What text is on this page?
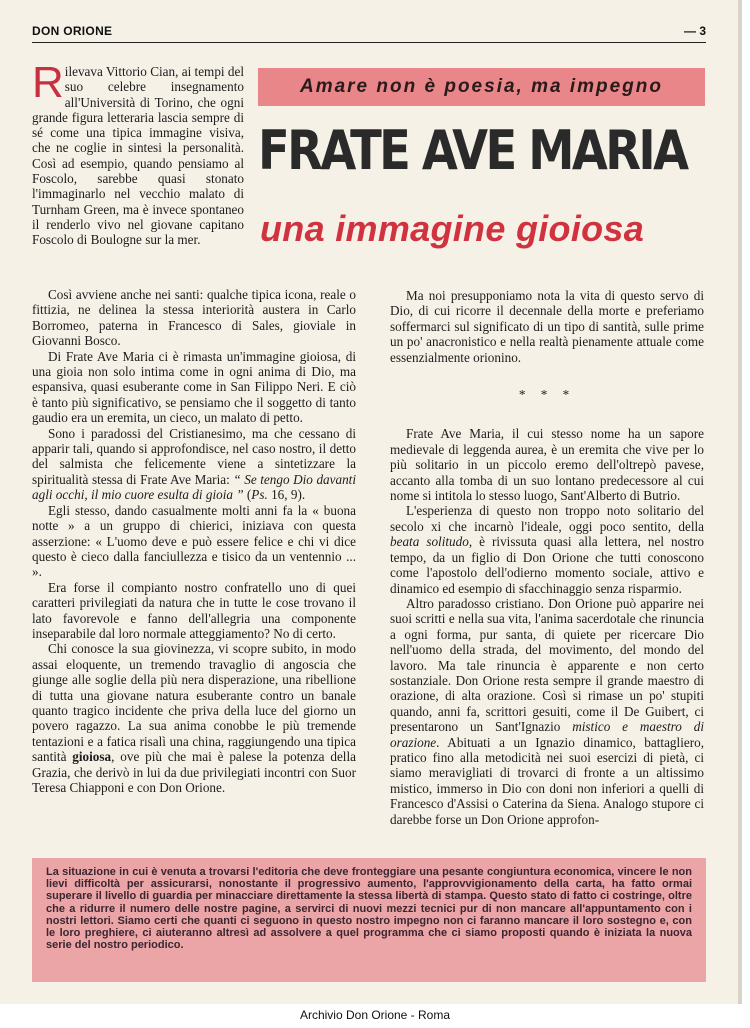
DON ORIONE	— 3
Rilevava Vittorio Cian, ai tempi del suo celebre insegnamento all'Università di Torino, che ogni grande figura letteraria lascia sempre di sé come una tipica immagine visiva, che ne coglie in sintesi la personalità. Così ad esempio, quando pensiamo al Foscolo, sarebbe quasi stonato l'immaginarlo nel vecchio malato di Turnham Green, ma è invece spontaneo il renderlo vivo nel giovane capitano Foscolo di Boulogne sur la mer.
Amare non è poesia, ma impegno
FRATE AVE MARIA
una immagine gioiosa

Così avviene anche nei santi: qualche tipica icona, reale o fittizia, ne delinea la stessa interiorità austera in Carlo Borromeo, paterna in Francesco di Sales, gioviale in Giovanni Bosco.

Di Frate Ave Maria ci è rimasta un'immagine gioiosa, di una gioia non solo intima come in ogni anima di Dio, ma espansiva, quasi esuberante come in San Filippo Neri. E ciò è tanto più significativo, se pensiamo che il soggetto di tanto gaudio era un eremita, un cieco, un malato di petto.

Sono i paradossi del Cristianesimo, ma che cessano di apparir tali, quando si approfondisce, nel caso nostro, il detto del salmista che felicemente viene a sintetizzare la spiritualità stessa di Frate Ave Maria: “ Se tengo Dio davanti agli occhi, il mio cuore esulta di gioia ” (Ps. 16, 9).

Egli stesso, dando casualmente molti anni fa la « buona notte » a un gruppo di chierici, iniziava con questa asserzione: « L'uomo deve e può essere felice e chi vi dice questo è cieco dalla fanciullezza e tisico da un ventennio ... ».

Era forse il compianto nostro confratello uno di quei caratteri privilegiati da natura che in tutte le cose trovano il lato favorevole e fanno dell'allegria una componente inseparabile dal loro normale atteggiamento? No di certo.

Chi conosce la sua giovinezza, vi scopre subito, in modo assai eloquente, un tremendo travaglio di angoscia che giunge alle soglie della più nera disperazione, una ribellione di tutta una giovane natura esuberante contro un banale quanto tragico incidente che priva della luce del giorno un povero ragazzo. La sua anima conobbe le più tremende tentazioni e a fatica risalì una china, raggiungendo una tipica santità gioiosa, ove più che mai è palese la potenza della Grazia, che derivò in lui da due privilegiati incontri con Suor Teresa Chiapponi e con Don Orione.

Ma noi presupponiamo nota la vita di questo servo di Dio, di cui ricorre il decennale della morte e preferiamo soffermarci sul significato di un tipo di santità, sulle prime un po' anacronistico e nella realtà pienamente attuale come essenzialmente orionino.

* * *

Frate Ave Maria, il cui stesso nome ha un sapore medievale di leggenda aurea, è un eremita che vive per lo più solitario in un piccolo eremo dell'oltrepò pavese, accanto alla tomba di un suo lontano predecessore al cui nome si intitola lo stesso luogo, Sant'Alberto di Butrio.

L'esperienza di questo non troppo noto solitario del secolo xi che incarnò l'ideale, oggi poco sentito, della beata solitudo, è rivissuta quasi alla lettera, nel nostro tempo, da un figlio di Don Orione che tutti conoscono come l'apostolo dell'odierno momento sociale, attivo e dinamico ed esempio di sfacchinaggio senza risparmio.

Altro paradosso cristiano. Don Orione può apparire nei suoi scritti e nella sua vita, l'anima sacerdotale che rinuncia a ogni forma, pur santa, di quiete per ricercare Dio nell'uomo della strada, del movimento, del mondo del lavoro. Ma tale rinuncia è apparente e non certo sostanziale. Don Orione resta sempre il grande maestro di orazione, di alta orazione. Così si rimase un po' stupiti quando, anni fa, scrittori gesuiti, come il De Guibert, ci presentarono un Sant'Ignazio mistico e maestro di orazione. Abituati a un Ignazio dinamico, battagliero, pratico fino alla metodicità nei suoi esercizi di pietà, ci siamo meravigliati di trovarci di fronte a un altissimo mistico, immerso in Dio con doni non inferiori a quelli di Francesco d'Assisi o Caterina da Siena. Analogo stupore ci darebbe forse un Don Orione approfon-

La situazione in cui è venuta a trovarsi l'editoria che deve fronteggiare una pesante congiuntura economica, vincere le non lievi difficoltà per assicurarsi, nonostante il progressivo aumento, l'approvvigionamento della carta, ha fatto ormai superare il livello di guardia per minacciare direttamente la stessa libertà di stampa. Questo stato di fatto ci costringe, oltre che a ridurre il numero delle nostre pagine, a servirci di nuovi mezzi tecnici pur di non mancare all'appuntamento con i nostri lettori. Siamo certi che quanti ci seguono in questo nostro impegno non ci faranno mancare il loro sostegno e, con le loro preghiere, ci aiuteranno altresì ad assolvere a quel programma che ci siamo proposti quando è iniziata la nuova serie del nostro periodico.
Archivio Don Orione - Roma
